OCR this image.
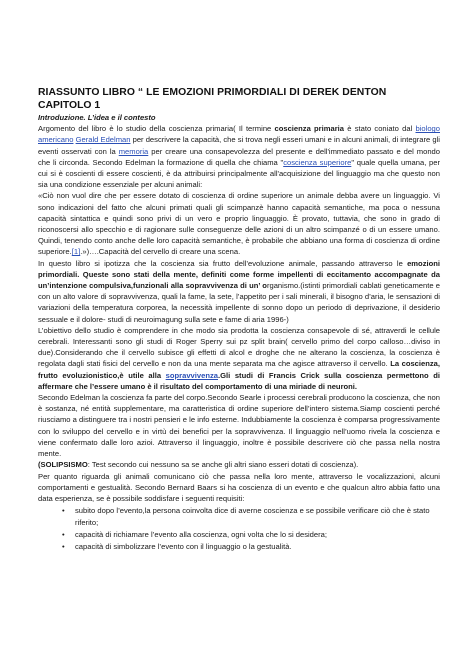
RIASSUNTO LIBRO “ LE EMOZIONI PRIMORDIALI DI DEREK DENTON
CAPITOLO 1

Introduzione. L’idea e il contesto

Argomento del libro è lo studio della coscienza primaria( Il termine coscienza primaria è stato coniato dal biologo americano Gerald Edelman per descrivere la capacità, che si trova negli esseri umani e in alcuni animali, di integrare gli eventi osservati con la memoria per creare una consapevolezza del presente e dell'immediato passato e del mondo che li circonda. Secondo Edelman la formazione di quella che chiama "coscienza superiore" quale quella umana, per cui si è coscienti di essere coscienti, è da attribuirsi principalmente all'acquisizione del linguaggio ma che questo non sia una condizione essenziale per alcuni animali:

«Ciò non vuol dire che per essere dotato di coscienza di ordine superiore un animale debba avere un linguaggio. Vi sono indicazioni del fatto che alcuni primati quali gli scimpanzè hanno capacità semantiche, ma poca o nessuna capacità sintattica e quindi sono privi di un vero e proprio linguaggio. È provato, tuttavia, che sono in grado di riconoscersi allo specchio e di ragionare sulle conseguenze delle azioni di un altro scimpanzé o di un essere umano. Quindi, tenendo conto anche delle loro capacità semantiche, è probabile che abbiano una forma di coscienza di ordine superiore.[1].»)….Capacità del cervello di creare una scena.

In questo libro si ipotizza che la coscienza sia frutto dell’evoluzione animale, passando attraverso le emozioni primordiali. Queste sono stati della mente, definiti come forme impellenti di eccitamento accompagnate da un’intenzione compulsiva,funzionali alla sopravvivenza di un’ organismo.(istinti primordiali cablati geneticamente e con un alto valore di sopravvivenza, quali la fame, la sete, l’appetito per i sali minerali, il bisogno d’aria, le sensazioni di variazioni della temperatura corporea, la necessità impellente di sonno dopo un periodo di deprivazione, il desiderio sessuale e il dolore- studi di neuroimagung sulla sete e fame di aria 1996-)

L’obiettivo dello studio è comprendere in che modo sia prodotta la coscienza consapevole di sé, attraverdi le cellule cerebrali. Interessanti sono gli studi di Roger Sperry sui pz split brain( cervello primo del corpo calloso…diviso in due).Considerando che il cervello subisce gli effetti di alcol e droghe che ne alterano la coscienza, la coscienza è regolata dagli stati fisici del cervello e non da una mente separata ma che agisce attraverso il cervello. La coscienza, frutto evoluzionistico,è utile alla sopravvivenza.Gli studi di Francis Crick sulla coscienza permettono di affermare che l’essere umano è il risultato del comportamento di una miriade di neuroni.

Secondo Edelman la coscienza fa parte del corpo.Secondo Searle i processi cerebrali producono la coscienza, che non è sostanza, né entità supplementare, ma caratteristica di ordine superiore dell’intero sistema.Siamp coscienti perché riusciamo a distinguere tra i nostri pensieri e le info esterne. Indubbiamente la coscienza è comparsa progressivamente con lo sviluppo del cervello e in virtù dei benefici per la sopravvivenza. Il linguaggio nell’uomo rivela la coscienza e viene confermato dalle loro azioi. Attraverso il linguaggio, inoltre è possibile descrivere ciò che passa nella nostra mente.

(SOLIPSISMO: Test secondo cui nessuno sa se anche gli altri siano esseri dotati di coscienza).

Per quanto riguarda gli animali comunicano ciò che passa nella loro mente, attraverso le vocalizzazioni, alcuni comportamenti e gestualità. Secondo Bernard Baars si ha coscienza di un evento e che qualcun altro abbia fatto una data esperienza, se è possibile soddisfare i seguenti requisiti:

• subito dopo l’evento,la persona coinvolta dice di averne coscienza e se possibile verificare ciò che è stato riferito;
• capacità di richiamare l’evento alla coscienza, ogni volta che lo si desidera;
• capacità di simbolizzare l’evento con il linguaggio o la gestualità.
